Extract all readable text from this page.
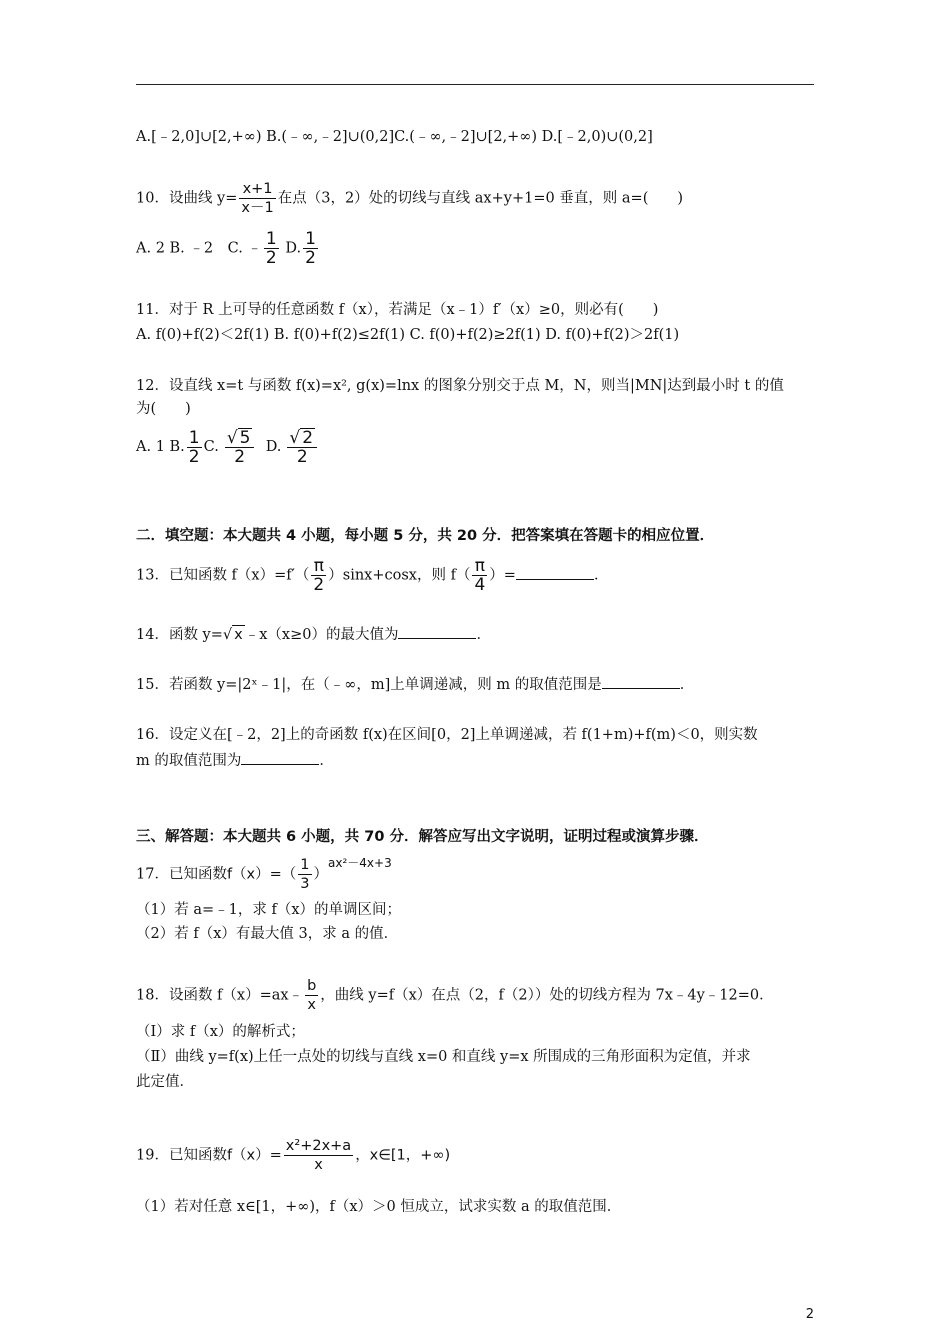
A.[﹣2,0]∪[2,+∞) B.(﹣∞,﹣2]∪(0,2]C.(﹣∞,﹣2]∪[2,+∞) D.[﹣2,0)∪(0,2]
10．设曲线 $y= \frac{x+1}{x-1}$ 在点（3，2）处的切线与直线 ax+y+1=0 垂直，则 a=(　　)
A. 2 B. ﹣2　C. ﹣ $\frac{1}{2} D$. $\frac{1}{2}$
11．对于 R 上可导的任意函数 f（x），若满足（x﹣1）f′（x）≥0，则必有(　　)
A. f(0)+f(2)＜2f(1) B. f(0)+f(2)≤2f(1) C. f(0)+f(2)≥2f(1) D. f(0)+f(2)＞2f(1)
12．设直线 x=t 与函数 f(x)=x², g(x)=lnx 的图象分别交于点 M，N，则当|MN|达到最小时 t 的值
为(　　)
A. 1 B. $\frac{1}{2} C$. $\frac{√ 5}{2} D$. $\frac{√ 2}{2}$
二．填空题：本大题共 4 小题，每小题 5 分，共 20 分．把答案填在答题卡的相应位置．
13．已知函数 $f(x)=f'( \frac{\pi}{2} )\sin x+\cos x$，则 $f( \frac{\pi}{4}$ ）=	．
14．函数 y=√ x ﹣x（x≥0）的最大值为	．
15．若函数 y=|2ˣ﹣1|，在（﹣∞，m]上单调递减，则 m 的取值范围是	．
16．设定义在[﹣2，2]上的奇函数 f(x)在区间[0，2]上单调递减，若 f(1+m)+f(m)＜0，则实数
m 的取值范围为	．
三、解答题：本大题共 6 小题，共 70 分．解答应写出文字说明，证明过程或演算步骤．
17．已知函数$f(x)=( \frac{1}{3} )^{ax^2-4x+3}$
（1）若 a=﹣1，求 f（x）的单调区间；
（2）若 f（x）有最大值 3，求 a 的值．
18．设函数 f（x）=ax﹣ $\frac{b}{x}$ ，曲线 y=f（x）在点（2，f（2））处的切线方程为 7x﹣4y﹣12=0．
（Ⅰ）求 f（x）的解析式；
（Ⅱ）曲线 y=f(x)上任一点处的切线与直线 x=0 和直线 y=x 所围成的三角形面积为定值，并求
此定值．
19．已知函数$f(x)= \frac{\text{x²+2x+a}}{x}$ ，x∈[1，+∞)
（1）若对任意 x∈[1，+∞)，f（x）＞0 恒成立，试求实数 a 的取值范围．
2
